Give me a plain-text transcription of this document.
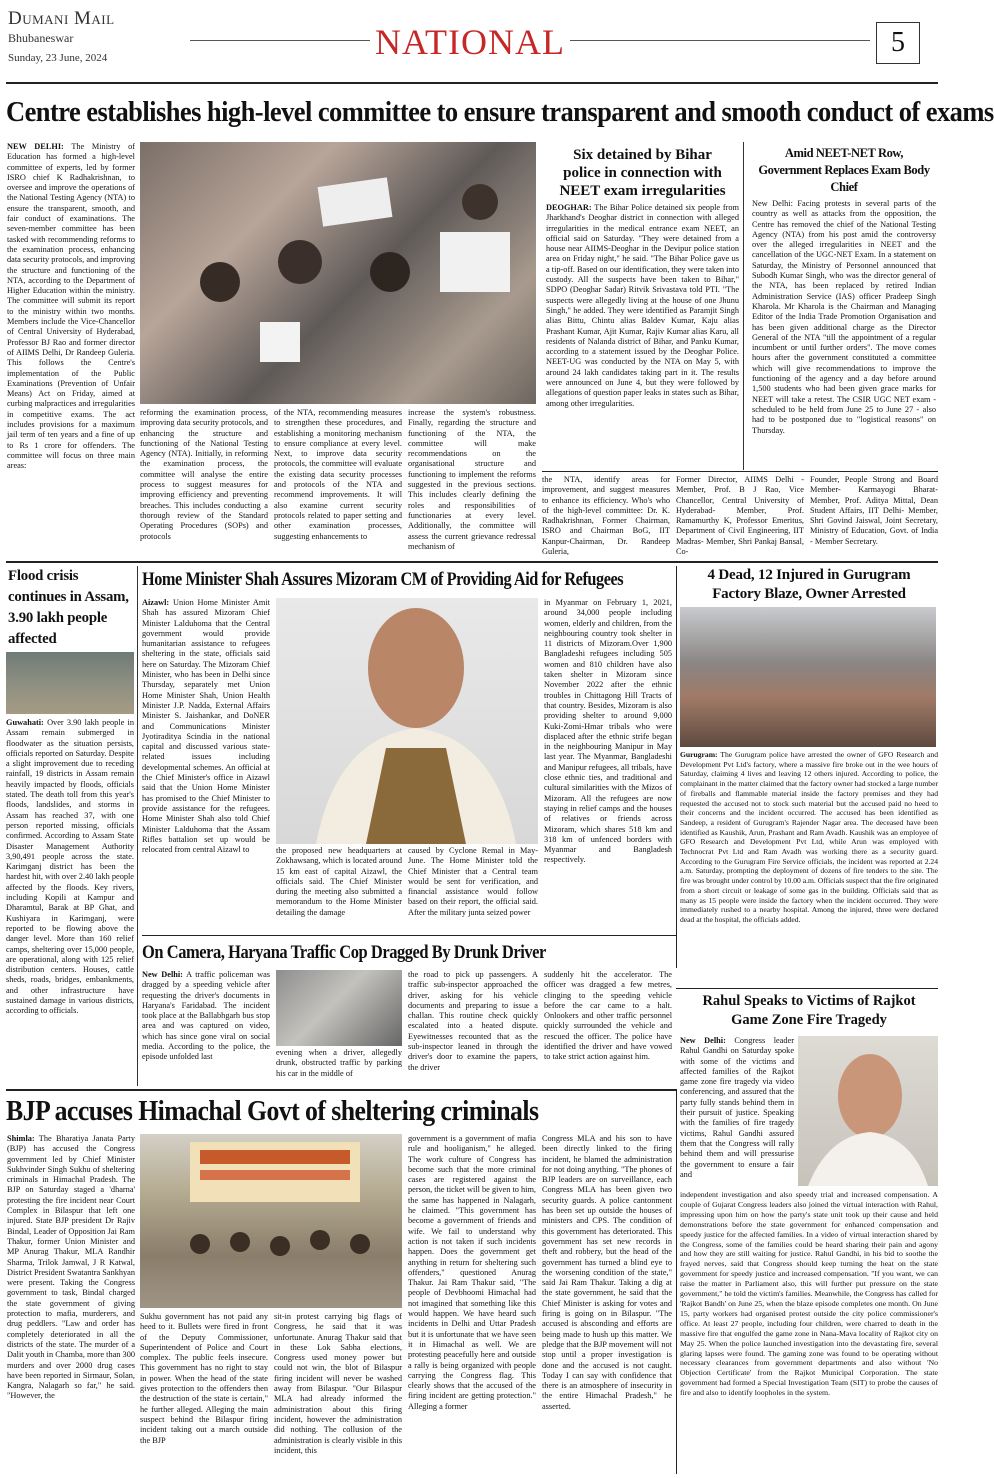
Dumani Mail
Bhubaneswar
Sunday, 23 June, 2024	NATIONAL	5
Centre establishes high-level committee to ensure transparent and smooth conduct of exams
NEW DELHI: The Ministry of Education has formed a high-level committee of experts, led by former ISRO chief K Radhakrishnan, to oversee and improve the operations of the National Testing Agency (NTA) to ensure the transparent, smooth, and fair conduct of examinations. The seven-member committee has been tasked with recommending reforms to the examination process, enhancing data security protocols, and improving the structure and functioning of the NTA, according to the Department of Higher Education within the ministry. The committee will submit its report to the ministry within two months. Members include the Vice-Chancellor of Central University of Hyderabad, Professor BJ Rao and former director of AIIMS Delhi, Dr Randeep Guleria. This follows the Centre's implementation of the Public Examinations (Prevention of Unfair Means) Act on Friday, aimed at curbing malpractices and irregularities in competitive exams. The act includes provisions for a maximum jail term of ten years and a fine of up to Rs 1 crore for offenders. The committee will focus on three main areas:
reforming the examination process, improving data security protocols, and enhancing the structure and functioning of the National Testing Agency (NTA). Initially, in reforming the examination process, the committee will analyse the entire process to suggest measures for improving efficiency and preventing breaches. This includes conducting a thorough review of the Standard Operating Procedures (SOPs) and protocols
of the NTA, recommending measures to strengthen these procedures, and establishing a monitoring mechanism to ensure compliance at every level. Next, to improve data security protocols, the committee will evaluate the existing data security processes and protocols of the NTA and recommend improvements. It will also examine current security protocols related to paper setting and other examination processes, suggesting enhancements to
increase the system's robustness. Finally, regarding the structure and functioning of the NTA, the committee will make recommendations on the organisational structure and functioning to implement the reforms suggested in the previous sections. This includes clearly defining the roles and responsibilities of functionaries at every level. Additionally, the committee will assess the current grievance redressal mechanism of
the NTA, identify areas for improvement, and suggest measures to enhance its efficiency. Who's who of the high-level committee: Dr. K. Radhakrishnan, Former Chairman, ISRO and Chairman BoG, IIT Kanpur-Chairman, Dr. Randeep Guleria,
Former Director, AIIMS Delhi - Member, Prof. B J Rao, Vice Chancellor, Central University of Hyderabad- Member, Prof. Ramamurthy K, Professor Emeritus, Department of Civil Engineering, IIT Madras- Member, Shri Pankaj Bansal, Co-
Founder, People Strong and Board Member- Karmayogi Bharat- Member, Prof. Aditya Mittal, Dean Student Affairs, IIT Delhi- Member, Shri Govind Jaiswal, Joint Secretary, Ministry of Education, Govt. of India - Member Secretary.
Six detained by Bihar police in connection with NEET exam irregularities
DEOGHAR: The Bihar Police detained six people from Jharkhand's Deoghar district in connection with alleged irregularities in the medical entrance exam NEET, an official said on Saturday. "They were detained from a house near AIIMS-Deoghar in the Devipur police station area on Friday night," he said. "The Bihar Police gave us a tip-off. Based on our identification, they were taken into custody. All the suspects have been taken to Bihar," SDPO (Deoghar Sadar) Ritvik Srivastava told PTI. "The suspects were allegedly living at the house of one Jhunu Singh," he added. They were identified as Paramjit Singh alias Bittu, Chintu alias Baldev Kumar, Kaju alias Prashant Kumar, Ajit Kumar, Rajiv Kumar alias Karu, all residents of Nalanda district of Bihar, and Panku Kumar, according to a statement issued by the Deoghar Police. NEET-UG was conducted by the NTA on May 5, with around 24 lakh candidates taking part in it. The results were announced on June 4, but they were followed by allegations of question paper leaks in states such as Bihar, among other irregularities.
Amid NEET-NET Row, Government Replaces Exam Body Chief
New Delhi: Facing protests in several parts of the country as well as attacks from the opposition, the Centre has removed the chief of the National Testing Agency (NTA) from his post amid the controversy over the alleged irregularities in NEET and the cancellation of the UGC-NET Exam. In a statement on Saturday, the Ministry of Personnel announced that Subodh Kumar Singh, who was the director general of the NTA, has been replaced by retired Indian Administration Service (IAS) officer Pradeep Singh Kharola. Mr Kharola is the Chairman and Managing Editor of the India Trade Promotion Organisation and has been given additional charge as the Director General of the NTA "till the appointment of a regular incumbent or until further orders". The move comes hours after the government constituted a committee which will give recommendations to improve the functioning of the agency and a day before around 1,500 students who had been given grace marks for NEET will take a retest. The CSIR UGC NET exam - scheduled to be held from June 25 to June 27 - also had to be postponed due to "logistical reasons" on Thursday.
Flood crisis continues in Assam, 3.90 lakh people affected
Guwahati: Over 3.90 lakh people in Assam remain submerged in floodwater as the situation persists, officials reported on Saturday. Despite a slight improvement due to receding rainfall, 19 districts in Assam remain heavily impacted by floods, officials stated. The death toll from this year's floods, landslides, and storms in Assam has reached 37, with one person reported missing, officials confirmed. According to Assam State Disaster Management Authority 3,90,491 people across the state. Karimganj district has been the hardest hit, with over 2.40 lakh people affected by the floods. Key rivers, including Kopili at Kampur and Dharamtul, Barak at BP Ghat, and Kushiyara in Karimganj, were reported to be flowing above the danger level. More than 160 relief camps, sheltering over 15,000 people, are operational, along with 125 relief distribution centers. Houses, cattle sheds, roads, bridges, embankments, and other infrastructure have sustained damage in various districts, according to officials.
Home Minister Shah Assures Mizoram CM of Providing Aid for Refugees
Aizawl: Union Home Minister Amit Shah has assured Mizoram Chief Minister Lalduhoma that the Central government would provide humanitarian assistance to refugees sheltering in the state, officials said here on Saturday. The Mizoram Chief Minister, who has been in Delhi since Thursday, separately met Union Home Minister Shah, Union Health Minister J.P. Nadda, External Affairs Minister S. Jaishankar, and DoNER and Communications Minister Jyotiraditya Scindia in the national capital and discussed various state-related issues including developmental schemes. An official at the Chief Minister's office in Aizawl said that the Union Home Minister has promised to the Chief Minister to provide assistance for the refugees. Home Minister Shah also told Chief Minister Lalduhoma that the Assam Rifles battalion set up would be relocated from central Aizawl to	the proposed new headquarters at Zokhawsang, which is located around 15 km east of capital Aizawl, the officials said. The Chief Minister during the meeting also submitted a memorandum to the Home Minister detailing the damage
caused by Cyclone Remal in May-June. The Home Minister told the Chief Minister that a Central team would be sent for verification, and financial assistance would follow based on their report, the official said. After the military junta seized power
in Myanmar on February 1, 2021, around 34,000 people including women, elderly and children, from the neighbouring country took shelter in 11 districts of Mizoram.Over 1,900 Bangladeshi refugees including 505 women and 810 children have also taken shelter in Mizoram since November 2022 after the ethnic troubles in Chittagong Hill Tracts of that country. Besides, Mizoram is also providing shelter to around 9,000 Kuki-Zomi-Hmar tribals who were displaced after the ethnic strife began in the neighbouring Manipur in May last year. The Myanmar, Bangladeshi and Manipur refugees, all tribals, have close ethnic ties, and traditional and cultural similarities with the Mizos of Mizoram. All the refugees are now staying in relief camps and the houses of relatives or friends across Mizoram, which shares 518 km and 318 km of unfenced borders with Myanmar and Bangladesh respectively.
4 Dead, 12 Injured in Gurugram Factory Blaze, Owner Arrested
Gurugram: The Gurugram police have arrested the owner of GFO Research and Development Pvt Ltd's factory, where a massive fire broke out in the wee hours of Saturday, claiming 4 lives and leaving 12 others injured. According to police, the complainant in the matter claimed that the factory owner had stocked a large number of fireballs and flammable material inside the factory premises and they had requested the accused not to stock such material but the accused paid no heed to their concerns and the incident occurred. The accused has been identified as Sandeep, a resident of Gurugram's Rajender Nagar area. The deceased have been identified as Kaushik, Arun, Prashant and Ram Avadh. Kaushik was an employee of GFO Research and Development Pvt Ltd, while Arun was employed with Technocrat Pvt Ltd and Ram Avadh was working there as a security guard. According to the Gurugram Fire Service officials, the incident was reported at 2.24 a.m. Saturday, prompting the deployment of dozens of fire tenders to the site. The fire was brought under control by 10.00 a.m. Officials suspect that the fire originated from a short circuit or leakage of some gas in the building. Officials said that as many as 15 people were inside the factory when the incident occurred. They were immediately rushed to a nearby hospital. Among the injured, three were declared dead at the hospital, the officials added.
On Camera, Haryana Traffic Cop Dragged By Drunk Driver
New Delhi: A traffic policeman was dragged by a speeding vehicle after requesting the driver's documents in Haryana's Faridabad. The incident took place at the Ballabhgarh bus stop area and was captured on video, which has since gone viral on social media. According to the police, the episode unfolded last	evening when a driver, allegedly drunk, obstructed traffic by parking his car in the middle of
the road to pick up passengers. A traffic sub-inspector approached the driver, asking for his vehicle documents and preparing to issue a challan. This routine check quickly escalated into a heated dispute. Eyewitnesses recounted that as the sub-inspector leaned in through the driver's door to examine the papers, the driver
suddenly hit the accelerator. The officer was dragged a few metres, clinging to the speeding vehicle before the car came to a halt. Onlookers and other traffic personnel quickly surrounded the vehicle and rescued the officer. The police have identified the driver and have vowed to take strict action against him.
Rahul Speaks to Victims of Rajkot Game Zone Fire Tragedy
New Delhi: Congress leader Rahul Gandhi on Saturday spoke with some of the victims and affected families of the Rajkot game zone fire tragedy via video conferencing, and assured that the party fully stands behind them in their pursuit of justice. Speaking with the families of fire tragedy victims, Rahul Gandhi assured them that the Congress will rally behind them and will pressurise the government to ensure a fair and
independent investigation and also speedy trial and increased compensation. A couple of Gujarat Congress leaders also joined the virtual interaction with Rahul, impressing upon him on how the party's state unit took up their cause and held demonstrations before the state government for enhanced compensation and speedy justice for the affected families. In a video of virtual interaction shared by the Congress, some of the families could be heard sharing their pain and agony and how they are still waiting for justice. Rahul Gandhi, in his bid to soothe the frayed nerves, said that Congress should keep turning the heat on the state government for speedy justice and increased compensation. "If you want, we can raise the matter in Parliament also, this will further put pressure on the state government," he told the victim's families. Meanwhile, the Congress has called for 'Rajkot Bandh' on June 25, when the blaze episode completes one month. On June 15, party workers had organised protest outside the city police commissioner's office. At least 27 people, including four children, were charred to death in the massive fire that engulfed the game zone in Nana-Mava locality of Rajkot city on May 25. When the police launched investigation into the devastating fire, several glaring lapses were found. The gaming zone was found to be operating without necessary clearances from government departments and also without 'No Objection Certificate' from the Rajkot Municipal Corporation. The state government had formed a Special Investigation Team (SIT) to probe the causes of fire and also to identify loopholes in the system.
BJP accuses Himachal Govt of sheltering criminals
Shimla: The Bharatiya Janata Party (BJP) has accused the Congress government led by Chief Minister Sukhvinder Singh Sukhu of sheltering criminals in Himachal Pradesh. The BJP on Saturday staged a 'dharna' protesting the fire incident near Court Complex in Bilaspur that left one injured. State BJP president Dr Rajiv Bindal, Leader of Opposition Jai Ram Thakur, former Union Minister and MP Anurag Thakur, MLA Randhir Sharma, Trilok Jamwal, J R Katwal, District President Swatantra Sankhyan were present. Taking the Congress government to task, Bindal charged the state government of giving protection to mafia, murderers, and drug peddlers. "Law and order has completely deteriorated in all the districts of the state. The murder of a Dalit youth in Chamba, more than 300 murders and over 2000 drug cases have been reported in Sirmaur, Solan, Kangra, Nalagarh so far," he said. "However, the
Sukhu government has not paid any heed to it. Bullets were fired in front of the Deputy Commissioner, Superintendent of Police and Court complex. The public feels insecure. This government has no right to stay in power. When the head of the state gives protection to the offenders then the destruction of the state is certain," he further alleged. Alleging the main suspect behind the Bilaspur firing incident taking out a march outside the BJP
sit-in protest carrying big flags of Congress, he said that it was unfortunate. Anurag Thakur said that in these Lok Sabha elections, Congress used money power but could not win, the blot of Bilaspur firing incident will never be washed away from Bilaspur. "Our Bilaspur MLA had already informed the administration about this firing incident, however the administration did nothing. The collusion of the administration is clearly visible in this incident, this
government is a government of mafia rule and hooliganism," he alleged. The work culture of Congress has become such that the more criminal cases are registered against the person, the ticket will be given to him, the same has happened in Nalagarh, he claimed. "This government has become a government of friends and wife. We fail to understand why action is not taken if such incidents happen. Does the government get anything in return for sheltering such offenders," questioned Anurag Thakur. Jai Ram Thakur said, "The people of Devbhoomi Himachal had not imagined that something like this would happen. We have heard such incidents in Delhi and Uttar Pradesh but it is unfortunate that we have seen it in Himachal as well. We are protesting peacefully here and outside a rally is being organized with people carrying the Congress flag. This clearly shows that the accused of the firing incident are getting protection." Alleging a former
Congress MLA and his son to have been directly linked to the firing incident, he blamed the administration for not doing anything. "The phones of BJP leaders are on surveillance, each Congress MLA has been given two security guards. A police cantonment has been set up outside the houses of ministers and CPS. The condition of this government has deteriorated. This government has set new records in theft and robbery, but the head of the government has turned a blind eye to the worsening condition of the state," said Jai Ram Thakur. Taking a dig at the state government, he said that the Chief Minister is asking for votes and firing is going on in Bilaspur. "The accused is absconding and efforts are being made to hush up this matter. We pledge that the BJP movement will not stop until a proper investigation is done and the accused is not caught. Today I can say with confidence that there is an atmosphere of insecurity in the entire Himachal Pradesh," he asserted.
